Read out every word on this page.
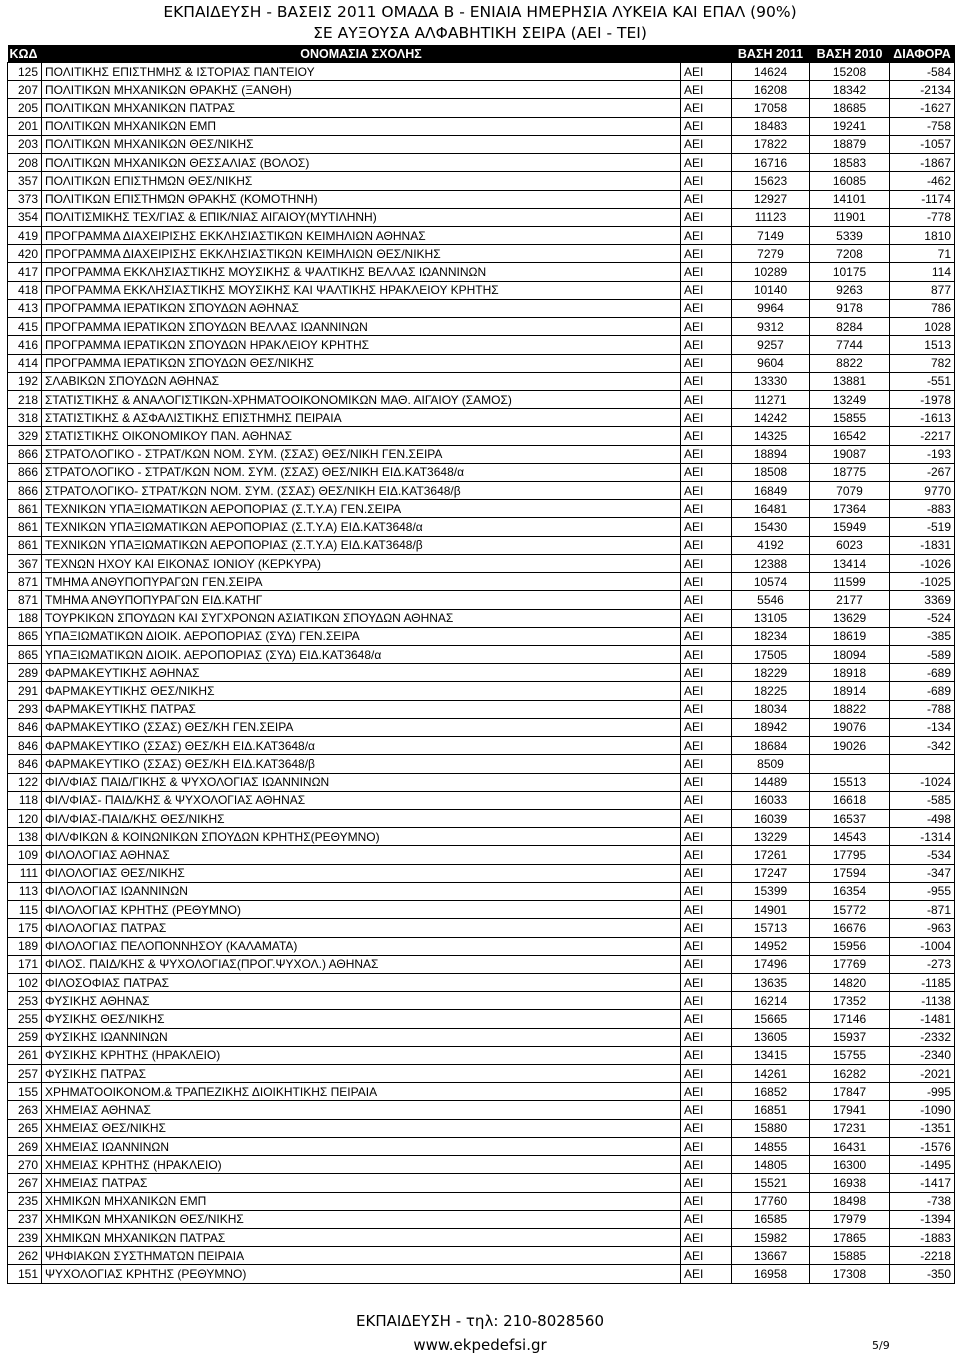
ΕΚΠΑΙΔΕΥΣΗ - ΒΑΣΕΙΣ 2011 ΟΜΑΔΑ Β - ΕΝΙΑΙΑ ΗΜΕΡΗΣΙΑ ΛΥΚΕΙΑ ΚΑΙ ΕΠΑΛ (90%)
ΣΕ ΑΥΞΟΥΣΑ ΑΛΦΑΒΗΤΙΚΗ ΣΕΙΡΑ (ΑΕΙ - ΤΕΙ)
ΚΩΔ	ΟΝΟΜΑΣΙΑ ΣΧΟΛΗΣ		ΒΑΣΗ 2011	ΒΑΣΗ 2010	ΔΙΑΦΟΡΑ
125	ΠΟΛΙΤΙΚΗΣ ΕΠΙΣΤΗΜΗΣ & ΙΣΤΟΡΙΑΣ ΠΑΝΤΕΙΟΥ	ΑΕΙ	14624	15208	-584
207	ΠΟΛΙΤΙΚΩΝ ΜΗΧΑΝΙΚΩΝ ΘΡΑΚΗΣ (ΞΑΝΘΗ)	ΑΕΙ	16208	18342	-2134
205	ΠΟΛΙΤΙΚΩΝ ΜΗΧΑΝΙΚΩΝ ΠΑΤΡΑΣ	ΑΕΙ	17058	18685	-1627
201	ΠΟΛΙΤΙΚΩΝ ΜΗΧΑΝΙΚΩΝ ΕΜΠ	ΑΕΙ	18483	19241	-758
203	ΠΟΛΙΤΙΚΩΝ ΜΗΧΑΝΙΚΩΝ ΘΕΣ/ΝΙΚΗΣ	ΑΕΙ	17822	18879	-1057
208	ΠΟΛΙΤΙΚΩΝ ΜΗΧΑΝΙΚΩΝ ΘΕΣΣΑΛΙΑΣ (ΒΟΛΟΣ)	ΑΕΙ	16716	18583	-1867
357	ΠΟΛΙΤΙΚΩΝ ΕΠΙΣΤΗΜΩΝ ΘΕΣ/ΝΙΚΗΣ	ΑΕΙ	15623	16085	-462
373	ΠΟΛΙΤΙΚΩΝ ΕΠΙΣΤΗΜΩΝ ΘΡΑΚΗΣ (ΚΟΜΟΤΗΝΗ)	ΑΕΙ	12927	14101	-1174
354	ΠΟΛΙΤΙΣΜΙΚΗΣ ΤΕΧ/ΓΙΑΣ & ΕΠΙΚ/ΝΙΑΣ ΑΙΓΑΙΟΥ(ΜΥΤΙΛΗΝΗ)	ΑΕΙ	11123	11901	-778
419	ΠΡΟΓΡΑΜΜΑ ΔΙΑΧΕΙΡΙΣΗΣ ΕΚΚΛΗΣΙΑΣΤΙΚΩΝ ΚΕΙΜΗΛΙΩΝ ΑΘΗΝΑΣ	ΑΕΙ	7149	5339	1810
420	ΠΡΟΓΡΑΜΜΑ ΔΙΑΧΕΙΡΙΣΗΣ ΕΚΚΛΗΣΙΑΣΤΙΚΩΝ ΚΕΙΜΗΛΙΩΝ ΘΕΣ/ΝΙΚΗΣ	ΑΕΙ	7279	7208	71
417	ΠΡΟΓΡΑΜΜΑ ΕΚΚΛΗΣΙΑΣΤΙΚΗΣ ΜΟΥΣΙΚΗΣ & ΨΑΛΤΙΚΗΣ ΒΕΛΛΑΣ ΙΩΑΝΝΙΝΩΝ	ΑΕΙ	10289	10175	114
418	ΠΡΟΓΡΑΜΜΑ ΕΚΚΛΗΣΙΑΣΤΙΚΗΣ ΜΟΥΣΙΚΗΣ ΚΑΙ ΨΑΛΤΙΚΗΣ ΗΡΑΚΛΕΙΟΥ ΚΡΗΤΗΣ	ΑΕΙ	10140	9263	877
413	ΠΡΟΓΡΑΜΜΑ ΙΕΡΑΤΙΚΩΝ ΣΠΟΥΔΩΝ ΑΘΗΝΑΣ	ΑΕΙ	9964	9178	786
415	ΠΡΟΓΡΑΜΜΑ ΙΕΡΑΤΙΚΩΝ ΣΠΟΥΔΩΝ ΒΕΛΛΑΣ ΙΩΑΝΝΙΝΩΝ	ΑΕΙ	9312	8284	1028
416	ΠΡΟΓΡΑΜΜΑ ΙΕΡΑΤΙΚΩΝ ΣΠΟΥΔΩΝ ΗΡΑΚΛΕΙΟΥ ΚΡΗΤΗΣ	ΑΕΙ	9257	7744	1513
414	ΠΡΟΓΡΑΜΜΑ ΙΕΡΑΤΙΚΩΝ ΣΠΟΥΔΩΝ ΘΕΣ/ΝΙΚΗΣ	ΑΕΙ	9604	8822	782
192	ΣΛΑΒΙΚΩΝ ΣΠΟΥΔΩΝ ΑΘΗΝΑΣ	ΑΕΙ	13330	13881	-551
218	ΣΤΑΤΙΣΤΙΚΗΣ & ΑΝΑΛΟΓΙΣΤΙΚΩΝ-ΧΡΗΜΑΤΟΟΙΚΟΝΟΜΙΚΩΝ ΜΑΘ. ΑΙΓΑΙΟΥ (ΣΑΜΟΣ)	ΑΕΙ	11271	13249	-1978
318	ΣΤΑΤΙΣΤΙΚΗΣ & ΑΣΦΑΛΙΣΤΙΚΗΣ ΕΠΙΣΤΗΜΗΣ ΠΕΙΡΑΙΑ	ΑΕΙ	14242	15855	-1613
329	ΣΤΑΤΙΣΤΙΚΗΣ ΟΙΚΟΝΟΜΙΚΟΥ ΠΑΝ. ΑΘΗΝΑΣ	ΑΕΙ	14325	16542	-2217
866	ΣΤΡΑΤΟΛΟΓΙΚΟ - ΣΤΡΑΤ/ΚΩΝ ΝΟΜ. ΣΥΜ. (ΣΣΑΣ) ΘΕΣ/ΝΙΚΗ ΓΕΝ.ΣΕΙΡΑ	ΑΕΙ	18894	19087	-193
866	ΣΤΡΑΤΟΛΟΓΙΚΟ - ΣΤΡΑΤ/ΚΩΝ ΝΟΜ. ΣΥΜ. (ΣΣΑΣ) ΘΕΣ/ΝΙΚΗ ΕΙΔ.ΚΑΤ3648/α	ΑΕΙ	18508	18775	-267
866	ΣΤΡΑΤΟΛΟΓΙΚΟ- ΣΤΡΑΤ/ΚΩΝ ΝΟΜ. ΣΥΜ. (ΣΣΑΣ) ΘΕΣ/ΝΙΚΗ ΕΙΔ.ΚΑΤ3648/β	ΑΕΙ	16849	7079	9770
861	ΤΕΧΝΙΚΩΝ ΥΠΑΞΙΩΜΑΤΙΚΩΝ ΑΕΡΟΠΟΡΙΑΣ (Σ.Τ.Υ.Α) ΓΕΝ.ΣΕΙΡΑ	ΑΕΙ	16481	17364	-883
861	ΤΕΧΝΙΚΩΝ ΥΠΑΞΙΩΜΑΤΙΚΩΝ ΑΕΡΟΠΟΡΙΑΣ (Σ.Τ.Υ.Α) ΕΙΔ.ΚΑΤ3648/α	ΑΕΙ	15430	15949	-519
861	ΤΕΧΝΙΚΩΝ ΥΠΑΞΙΩΜΑΤΙΚΩΝ ΑΕΡΟΠΟΡΙΑΣ (Σ.Τ.Υ.Α) ΕΙΔ.ΚΑΤ3648/β	ΑΕΙ	4192	6023	-1831
367	ΤΕΧΝΩΝ ΗΧΟΥ ΚΑΙ ΕΙΚΟΝΑΣ ΙΟΝΙΟΥ (ΚΕΡΚΥΡΑ)	ΑΕΙ	12388	13414	-1026
871	ΤΜΗΜΑ ΑΝΘΥΠΟΠΥΡΑΓΩΝ ΓΕΝ.ΣΕΙΡΑ	ΑΕΙ	10574	11599	-1025
871	ΤΜΗΜΑ ΑΝΘΥΠΟΠΥΡΑΓΩΝ ΕΙΔ.ΚΑΤΗΓ	ΑΕΙ	5546	2177	3369
188	ΤΟΥΡΚΙΚΩΝ ΣΠΟΥΔΩΝ ΚΑΙ ΣΥΓΧΡΟΝΩΝ ΑΣΙΑΤΙΚΩΝ ΣΠΟΥΔΩΝ ΑΘΗΝΑΣ	ΑΕΙ	13105	13629	-524
865	ΥΠΑΞΙΩΜΑΤΙΚΩΝ ΔΙΟΙΚ. ΑΕΡΟΠΟΡΙΑΣ (ΣΥΔ) ΓΕΝ.ΣΕΙΡΑ	ΑΕΙ	18234	18619	-385
865	ΥΠΑΞΙΩΜΑΤΙΚΩΝ ΔΙΟΙΚ. ΑΕΡΟΠΟΡΙΑΣ (ΣΥΔ) ΕΙΔ.ΚΑΤ3648/α	ΑΕΙ	17505	18094	-589
289	ΦΑΡΜΑΚΕΥΤΙΚΗΣ ΑΘΗΝΑΣ	ΑΕΙ	18229	18918	-689
291	ΦΑΡΜΑΚΕΥΤΙΚΗΣ ΘΕΣ/ΝΙΚΗΣ	ΑΕΙ	18225	18914	-689
293	ΦΑΡΜΑΚΕΥΤΙΚΗΣ ΠΑΤΡΑΣ	ΑΕΙ	18034	18822	-788
846	ΦΑΡΜΑΚΕΥΤΙΚΟ (ΣΣΑΣ) ΘΕΣ/ΚΗ ΓΕΝ.ΣΕΙΡΑ	ΑΕΙ	18942	19076	-134
846	ΦΑΡΜΑΚΕΥΤΙΚΟ (ΣΣΑΣ) ΘΕΣ/ΚΗ ΕΙΔ.ΚΑΤ3648/α	ΑΕΙ	18684	19026	-342
846	ΦΑΡΜΑΚΕΥΤΙΚΟ (ΣΣΑΣ) ΘΕΣ/ΚΗ ΕΙΔ.ΚΑΤ3648/β	ΑΕΙ	8509		
122	ΦΙΛ/ΦΙΑΣ ΠΑΙΔ/ΓΙΚΗΣ & ΨΥΧΟΛΟΓΙΑΣ ΙΩΑΝΝΙΝΩΝ	ΑΕΙ	14489	15513	-1024
118	ΦΙΛ/ΦΙΑΣ- ΠΑΙΔ/ΚΗΣ & ΨΥΧΟΛΟΓΙΑΣ ΑΘΗΝΑΣ	ΑΕΙ	16033	16618	-585
120	ΦΙΛ/ΦΙΑΣ-ΠΑΙΔ/ΚΗΣ ΘΕΣ/ΝΙΚΗΣ	ΑΕΙ	16039	16537	-498
138	ΦΙΛ/ΦΙΚΩΝ & ΚΟΙΝΩΝΙΚΩΝ ΣΠΟΥΔΩΝ ΚΡΗΤΗΣ(ΡΕΘΥΜΝΟ)	ΑΕΙ	13229	14543	-1314
109	ΦΙΛΟΛΟΓΙΑΣ ΑΘΗΝΑΣ	ΑΕΙ	17261	17795	-534
111	ΦΙΛΟΛΟΓΙΑΣ ΘΕΣ/ΝΙΚΗΣ	ΑΕΙ	17247	17594	-347
113	ΦΙΛΟΛΟΓΙΑΣ ΙΩΑΝΝΙΝΩΝ	ΑΕΙ	15399	16354	-955
115	ΦΙΛΟΛΟΓΙΑΣ ΚΡΗΤΗΣ (ΡΕΘΥΜΝΟ)	ΑΕΙ	14901	15772	-871
175	ΦΙΛΟΛΟΓΙΑΣ ΠΑΤΡΑΣ	ΑΕΙ	15713	16676	-963
189	ΦΙΛΟΛΟΓΙΑΣ ΠΕΛΟΠΟΝΝΗΣΟΥ (ΚΑΛΑΜΑΤΑ)	ΑΕΙ	14952	15956	-1004
171	ΦΙΛΟΣ. ΠΑΙΔ/ΚΗΣ & ΨΥΧΟΛΟΓΙΑΣ(ΠΡΟΓ.ΨΥΧΟΛ.) ΑΘΗΝΑΣ	ΑΕΙ	17496	17769	-273
102	ΦΙΛΟΣΟΦΙΑΣ ΠΑΤΡΑΣ	ΑΕΙ	13635	14820	-1185
253	ΦΥΣΙΚΗΣ ΑΘΗΝΑΣ	ΑΕΙ	16214	17352	-1138
255	ΦΥΣΙΚΗΣ ΘΕΣ/ΝΙΚΗΣ	ΑΕΙ	15665	17146	-1481
259	ΦΥΣΙΚΗΣ ΙΩΑΝΝΙΝΩΝ	ΑΕΙ	13605	15937	-2332
261	ΦΥΣΙΚΗΣ ΚΡΗΤΗΣ (ΗΡΑΚΛΕΙΟ)	ΑΕΙ	13415	15755	-2340
257	ΦΥΣΙΚΗΣ ΠΑΤΡΑΣ	ΑΕΙ	14261	16282	-2021
155	ΧΡΗΜΑΤΟΟΙΚΟΝΟΜ.& ΤΡΑΠΕΖΙΚΗΣ ΔΙΟΙΚΗΤΙΚΗΣ ΠΕΙΡΑΙΑ	ΑΕΙ	16852	17847	-995
263	ΧΗΜΕΙΑΣ ΑΘΗΝΑΣ	ΑΕΙ	16851	17941	-1090
265	ΧΗΜΕΙΑΣ ΘΕΣ/ΝΙΚΗΣ	ΑΕΙ	15880	17231	-1351
269	ΧΗΜΕΙΑΣ ΙΩΑΝΝΙΝΩΝ	ΑΕΙ	14855	16431	-1576
270	ΧΗΜΕΙΑΣ ΚΡΗΤΗΣ (ΗΡΑΚΛΕΙΟ)	ΑΕΙ	14805	16300	-1495
267	ΧΗΜΕΙΑΣ ΠΑΤΡΑΣ	ΑΕΙ	15521	16938	-1417
235	ΧΗΜΙΚΩΝ ΜΗΧΑΝΙΚΩΝ ΕΜΠ	ΑΕΙ	17760	18498	-738
237	ΧΗΜΙΚΩΝ ΜΗΧΑΝΙΚΩΝ ΘΕΣ/ΝΙΚΗΣ	ΑΕΙ	16585	17979	-1394
239	ΧΗΜΙΚΩΝ ΜΗΧΑΝΙΚΩΝ ΠΑΤΡΑΣ	ΑΕΙ	15982	17865	-1883
262	ΨΗΦΙΑΚΩΝ ΣΥΣΤΗΜΑΤΩΝ ΠΕΙΡΑΙΑ	ΑΕΙ	13667	15885	-2218
151	ΨΥΧΟΛΟΓΙΑΣ ΚΡΗΤΗΣ (ΡΕΘΥΜΝΟ)	ΑΕΙ	16958	17308	-350
ΕΚΠΑΙΔΕΥΣΗ - τηλ: 210-8028560
www.ekpedefsi.gr	5/9
